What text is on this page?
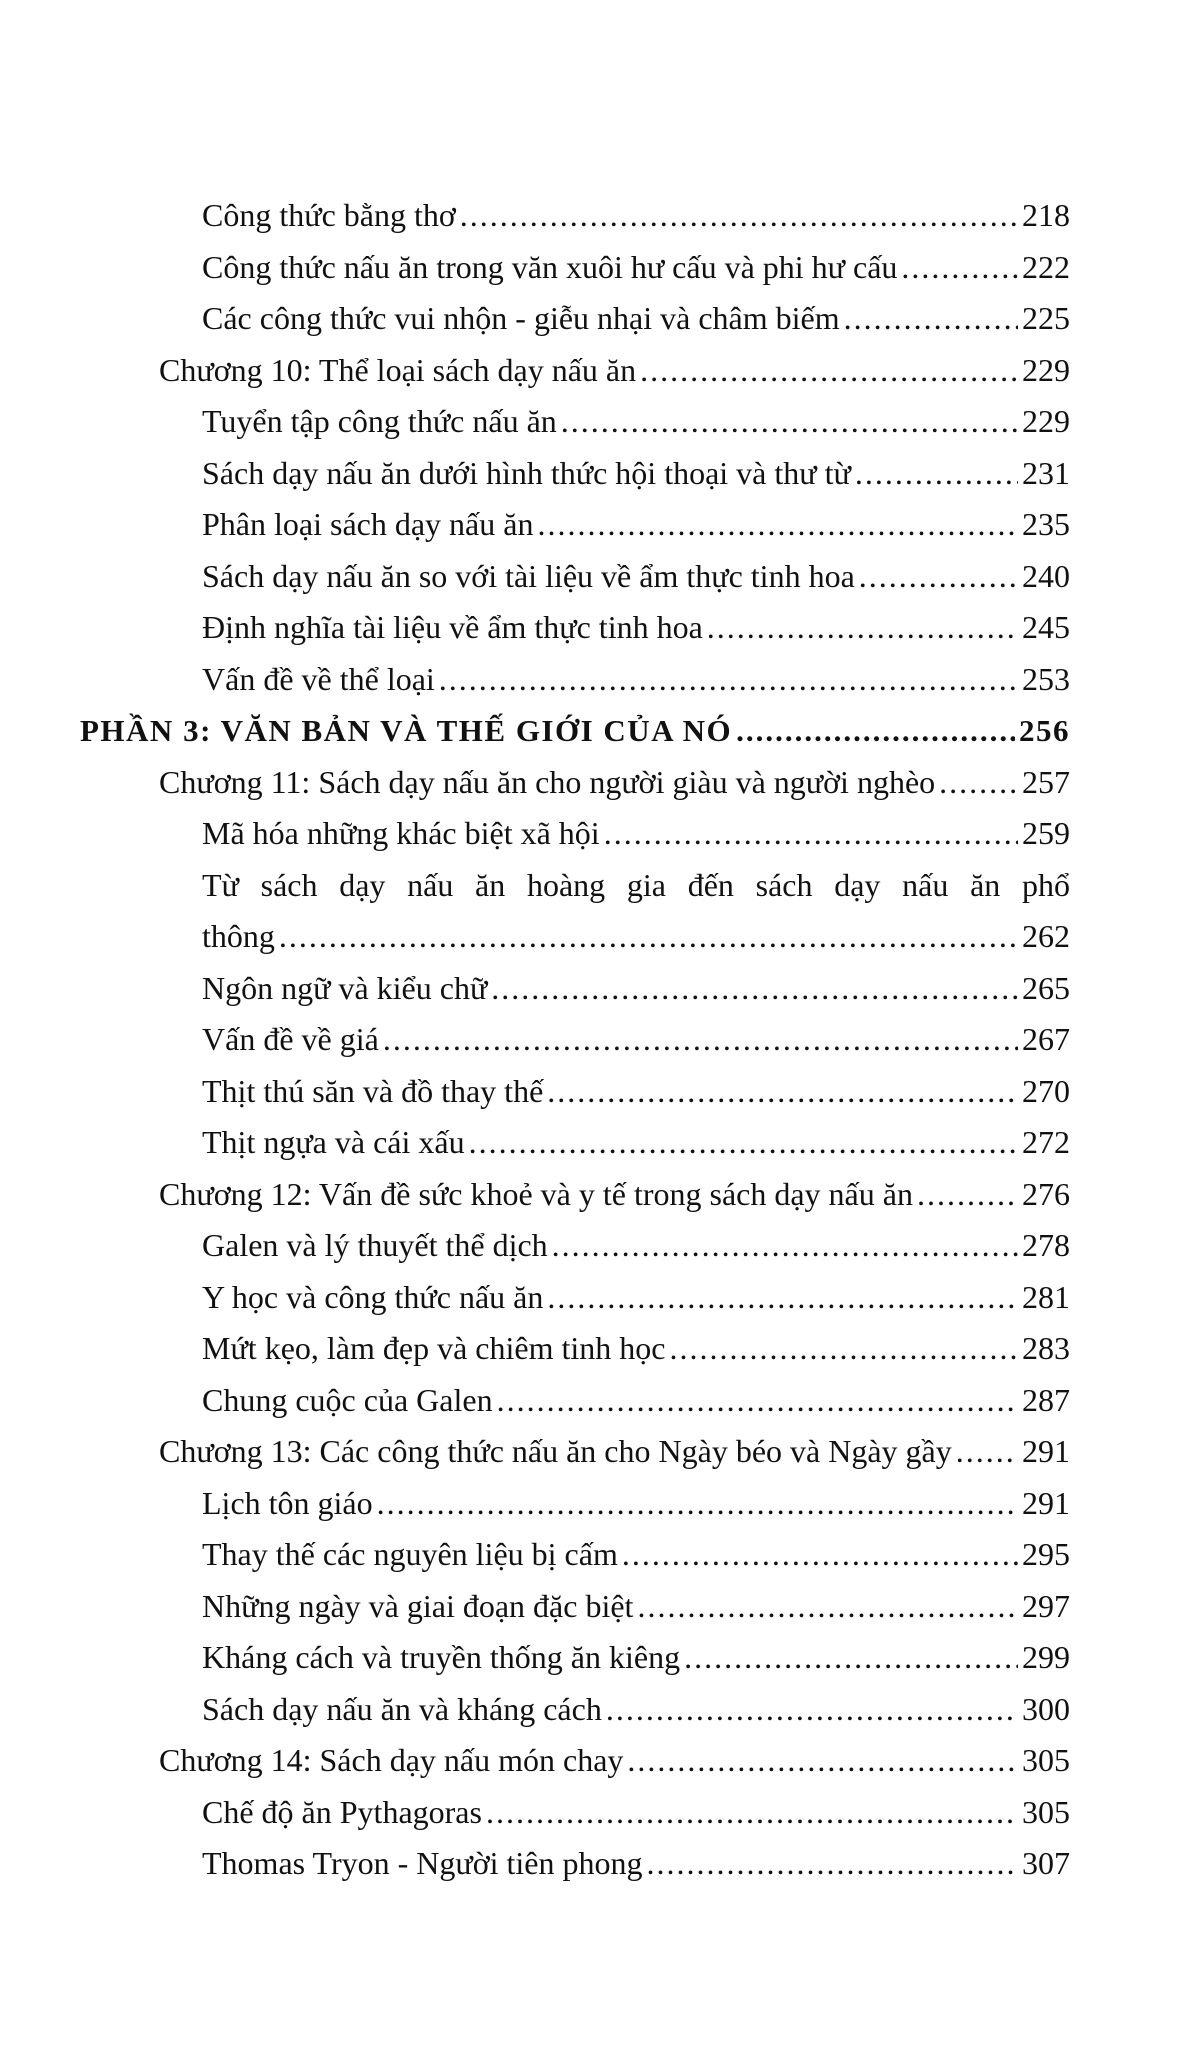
Công thức bằng thơ .....	218
Công thức nấu ăn trong văn xuôi hư cấu và phi hư cấu .....	222
Các công thức vui nhộn - giễu nhại và châm biếm .....	225
Chương 10: Thể loại sách dạy nấu ăn .....	229
Tuyển tập công thức nấu ăn .....	229
Sách dạy nấu ăn dưới hình thức hội thoại và thư từ .....	231
Phân loại sách dạy nấu ăn .....	235
Sách dạy nấu ăn so với tài liệu về ẩm thực tinh hoa .....	240
Định nghĩa tài liệu về ẩm thực tinh hoa .....	245
Vấn đề về thể loại .....	253
PHẦN 3: VĂN BẢN VÀ THẾ GIỚI CỦA NÓ .....	256
Chương 11: Sách dạy nấu ăn cho người giàu và người nghèo .....	257
Mã hóa những khác biệt xã hội .....	259
Từ sách dạy nấu ăn hoàng gia đến sách dạy nấu ăn phổ
thông .....	262
Ngôn ngữ và kiểu chữ .....	265
Vấn đề về giá .....	267
Thịt thú săn và đồ thay thế .....	270
Thịt ngựa và cái xấu .....	272
Chương 12: Vấn đề sức khoẻ và y tế trong sách dạy nấu ăn .....	276
Galen và lý thuyết thể dịch .....	278
Y học và công thức nấu ăn .....	281
Mứt kẹo, làm đẹp và chiêm tinh học .....	283
Chung cuộc của Galen .....	287
Chương 13: Các công thức nấu ăn cho Ngày béo và Ngày gầy ..... 291
Lịch tôn giáo .....	291
Thay thế các nguyên liệu bị cấm .....	295
Những ngày và giai đoạn đặc biệt .....	297
Kháng cách và truyền thống ăn kiêng .....	299
Sách dạy nấu ăn và kháng cách .....	300
Chương 14: Sách dạy nấu món chay .....	305
Chế độ ăn Pythagoras .....	305
Thomas Tryon - Người tiên phong .....	307
